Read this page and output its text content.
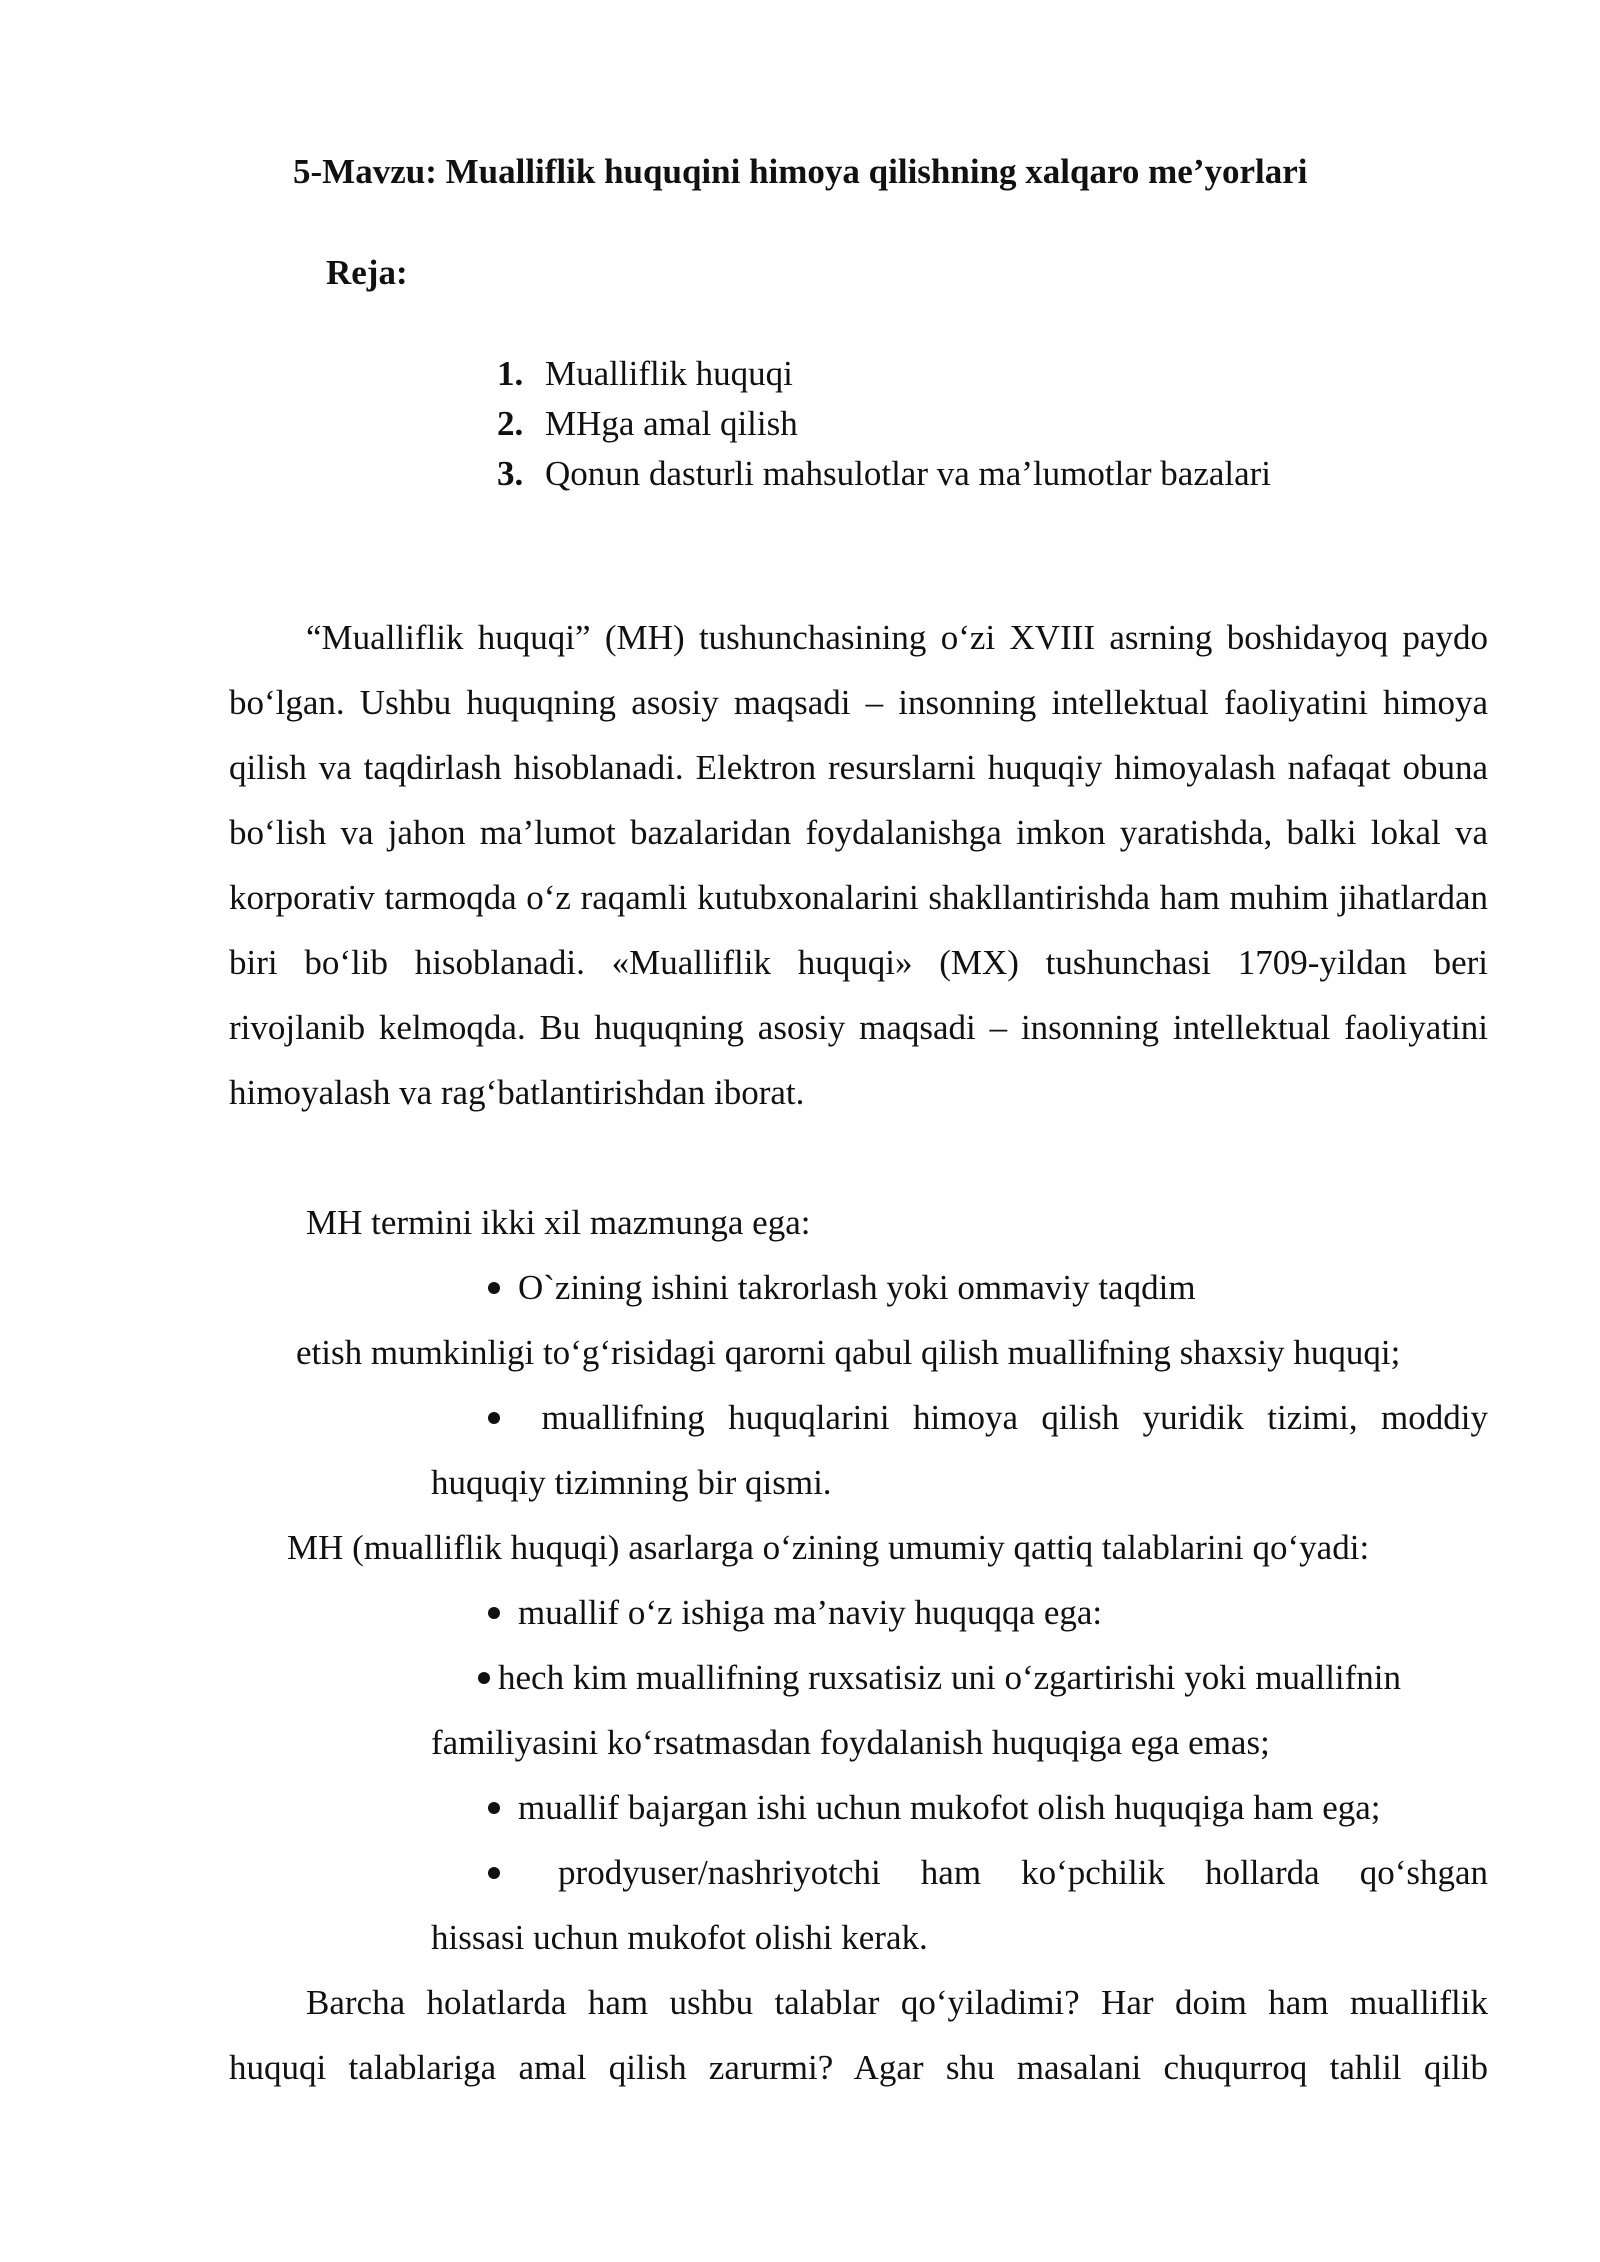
5-Mavzu: Mualliflik huquqini himoya qilishning xalqaro me’yorlari
Reja:
1. Mualliflik huquqi
2. MHga amal qilish
3. Qonun dasturli mahsulotlar va ma’lumotlar bazalari
“Mualliflik huquqi” (MH) tushunchasining o‘zi XVIII asrning boshidayoq paydo bo‘lgan. Ushbu huquqning asosiy maqsadi – insonning intellektual faoliyatini himoya qilish va taqdirlash hisoblanadi. Elektron resurslarni huquqiy himoyalash nafaqat obuna bo‘lish va jahon ma’lumot bazalaridan foydalanishga imkon yaratishda, balki lokal va korporativ tarmoqda o‘z raqamli kutubxonalarini shakllantirishda ham muhim jihatlardan biri bo‘lib hisoblanadi. «Mualliflik huquqi» (MX) tushunchasi 1709-yildan beri rivojlanib kelmoqda. Bu huquqning asosiy maqsadi – insonning intellektual faoliyatini himoyalash va rag‘batlantirishdan iborat.
MH termini ikki xil mazmunga ega:
O`zining ishini takrorlash yoki ommaviy taqdim
etish mumkinligi to‘g‘risidagi qarorni qabul qilish muallifning shaxsiy huquqi;
muallifning huquqlarini himoya qilish yuridik tizimi, moddiy
huquqiy tizimning bir qismi.
MH (mualliflik huquqi) asarlarga o‘zining umumiy qattiq talablarini qo‘yadi:
muallif o‘z ishiga ma’naviy huquqqa ega:
hech kim muallifning ruxsatisiz uni o‘zgartirishi yoki muallifnin
familiyasini ko‘rsatmasdan foydalanish huquqiga ega emas;
muallif bajargan ishi uchun mukofot olish huquqiga ham ega;
prodyuser/nashriyotchi ham ko‘pchilik hollarda qo‘shgan
hissasi uchun mukofot olishi kerak.
Barcha holatlarda ham ushbu talablar qo‘yiladimi? Har doim ham mualliflik
huquqi talablariga amal qilish zarurmi? Agar shu masalani chuqurroq tahlil qilib
